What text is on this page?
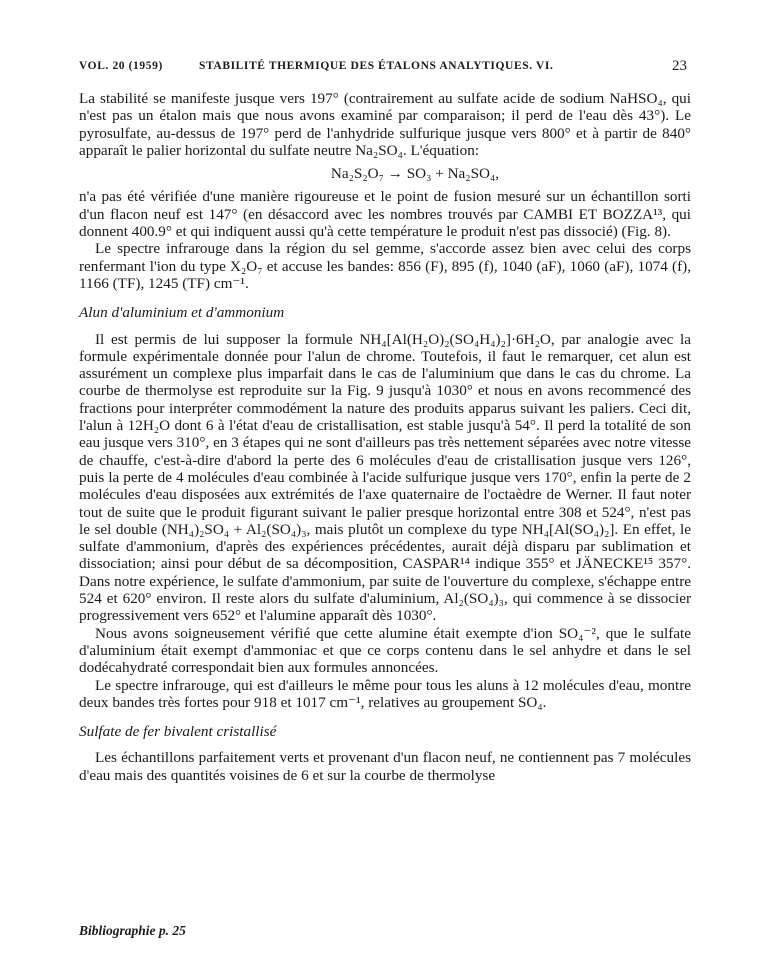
VOL. 20 (1959)	STABILITÉ THERMIQUE DES ÉTALONS ANALYTIQUES. VI.	23

La stabilité se manifeste jusque vers 197° (contrairement au sulfate acide de sodium NaHSO₄, qui n'est pas un étalon mais que nous avons examiné par comparaison; il perd de l'eau dès 43°). Le pyrosulfate, au-dessus de 197° perd de l'anhydride sulfurique jusque vers 800° et à partir de 840° apparaît le palier horizontal du sulfate neutre Na₂SO₄. L'équation:

Na₂S₂O₇ → SO₃ + Na₂SO₄,

n'a pas été vérifiée d'une manière rigoureuse et le point de fusion mesuré sur un échantillon sorti d'un flacon neuf est 147° (en désaccord avec les nombres trouvés par CAMBI ET BOZZA¹³, qui donnent 400.9° et qui indiquent aussi qu'à cette température le produit n'est pas dissocié) (Fig. 8).

Le spectre infrarouge dans la région du sel gemme, s'accorde assez bien avec celui des corps renfermant l'ion du type X₂O₇ et accuse les bandes: 856 (F), 895 (f), 1040 (aF), 1060 (aF), 1074 (f), 1166 (TF), 1245 (TF) cm⁻¹.

Alun d'aluminium et d'ammonium

Il est permis de lui supposer la formule NH₄[Al(H₂O)₂(SO₄H₄)₂]·6H₂O, par analogie avec la formule expérimentale donnée pour l'alun de chrome. Toutefois, il faut le remarquer, cet alun est assurément un complexe plus imparfait dans le cas de l'aluminium que dans le cas du chrome. La courbe de thermolyse est reproduite sur la Fig. 9 jusqu'à 1030° et nous en avons recommencé des fractions pour interpréter commodément la nature des produits apparus suivant les paliers. Ceci dit, l'alun à 12H₂O dont 6 à l'état d'eau de cristallisation, est stable jusqu'à 54°. Il perd la totalité de son eau jusque vers 310°, en 3 étapes qui ne sont d'ailleurs pas très nettement séparées avec notre vitesse de chauffe, c'est-à-dire d'abord la perte des 6 molécules d'eau de cristallisation jusque vers 126°, puis la perte de 4 molécules d'eau combinée à l'acide sulfurique jusque vers 170°, enfin la perte de 2 molécules d'eau disposées aux extrémités de l'axe quaternaire de l'octaèdre de Werner. Il faut noter tout de suite que le produit figurant suivant le palier presque horizontal entre 308 et 524°, n'est pas le sel double (NH₄)₂SO₄ + Al₂(SO₄)₃, mais plutôt un complexe du type NH₄[Al(SO₄)₂]. En effet, le sulfate d'ammonium, d'après des expériences précédentes, aurait déjà disparu par sublimation et dissociation; ainsi pour début de sa décomposition, CASPAR¹⁴ indique 355° et JÄNECKE¹⁵ 357°. Dans notre expérience, le sulfate d'ammonium, par suite de l'ouverture du complexe, s'échappe entre 524 et 620° environ. Il reste alors du sulfate d'aluminium, Al₂(SO₄)₃, qui commence à se dissocier progressivement vers 652° et l'alumine apparaît dès 1030°.

Nous avons soigneusement vérifié que cette alumine était exempte d'ion SO₄⁻², que le sulfate d'aluminium était exempt d'ammoniac et que ce corps contenu dans le sel anhydre et dans le sel dodécahydraté correspondait bien aux formules annoncées.

Le spectre infrarouge, qui est d'ailleurs le même pour tous les aluns à 12 molécules d'eau, montre deux bandes très fortes pour 918 et 1017 cm⁻¹, relatives au groupement SO₄.

Sulfate de fer bivalent cristallisé

Les échantillons parfaitement verts et provenant d'un flacon neuf, ne contiennent pas 7 molécules d'eau mais des quantités voisines de 6 et sur la courbe de thermolyse

Bibliographie p. 25
